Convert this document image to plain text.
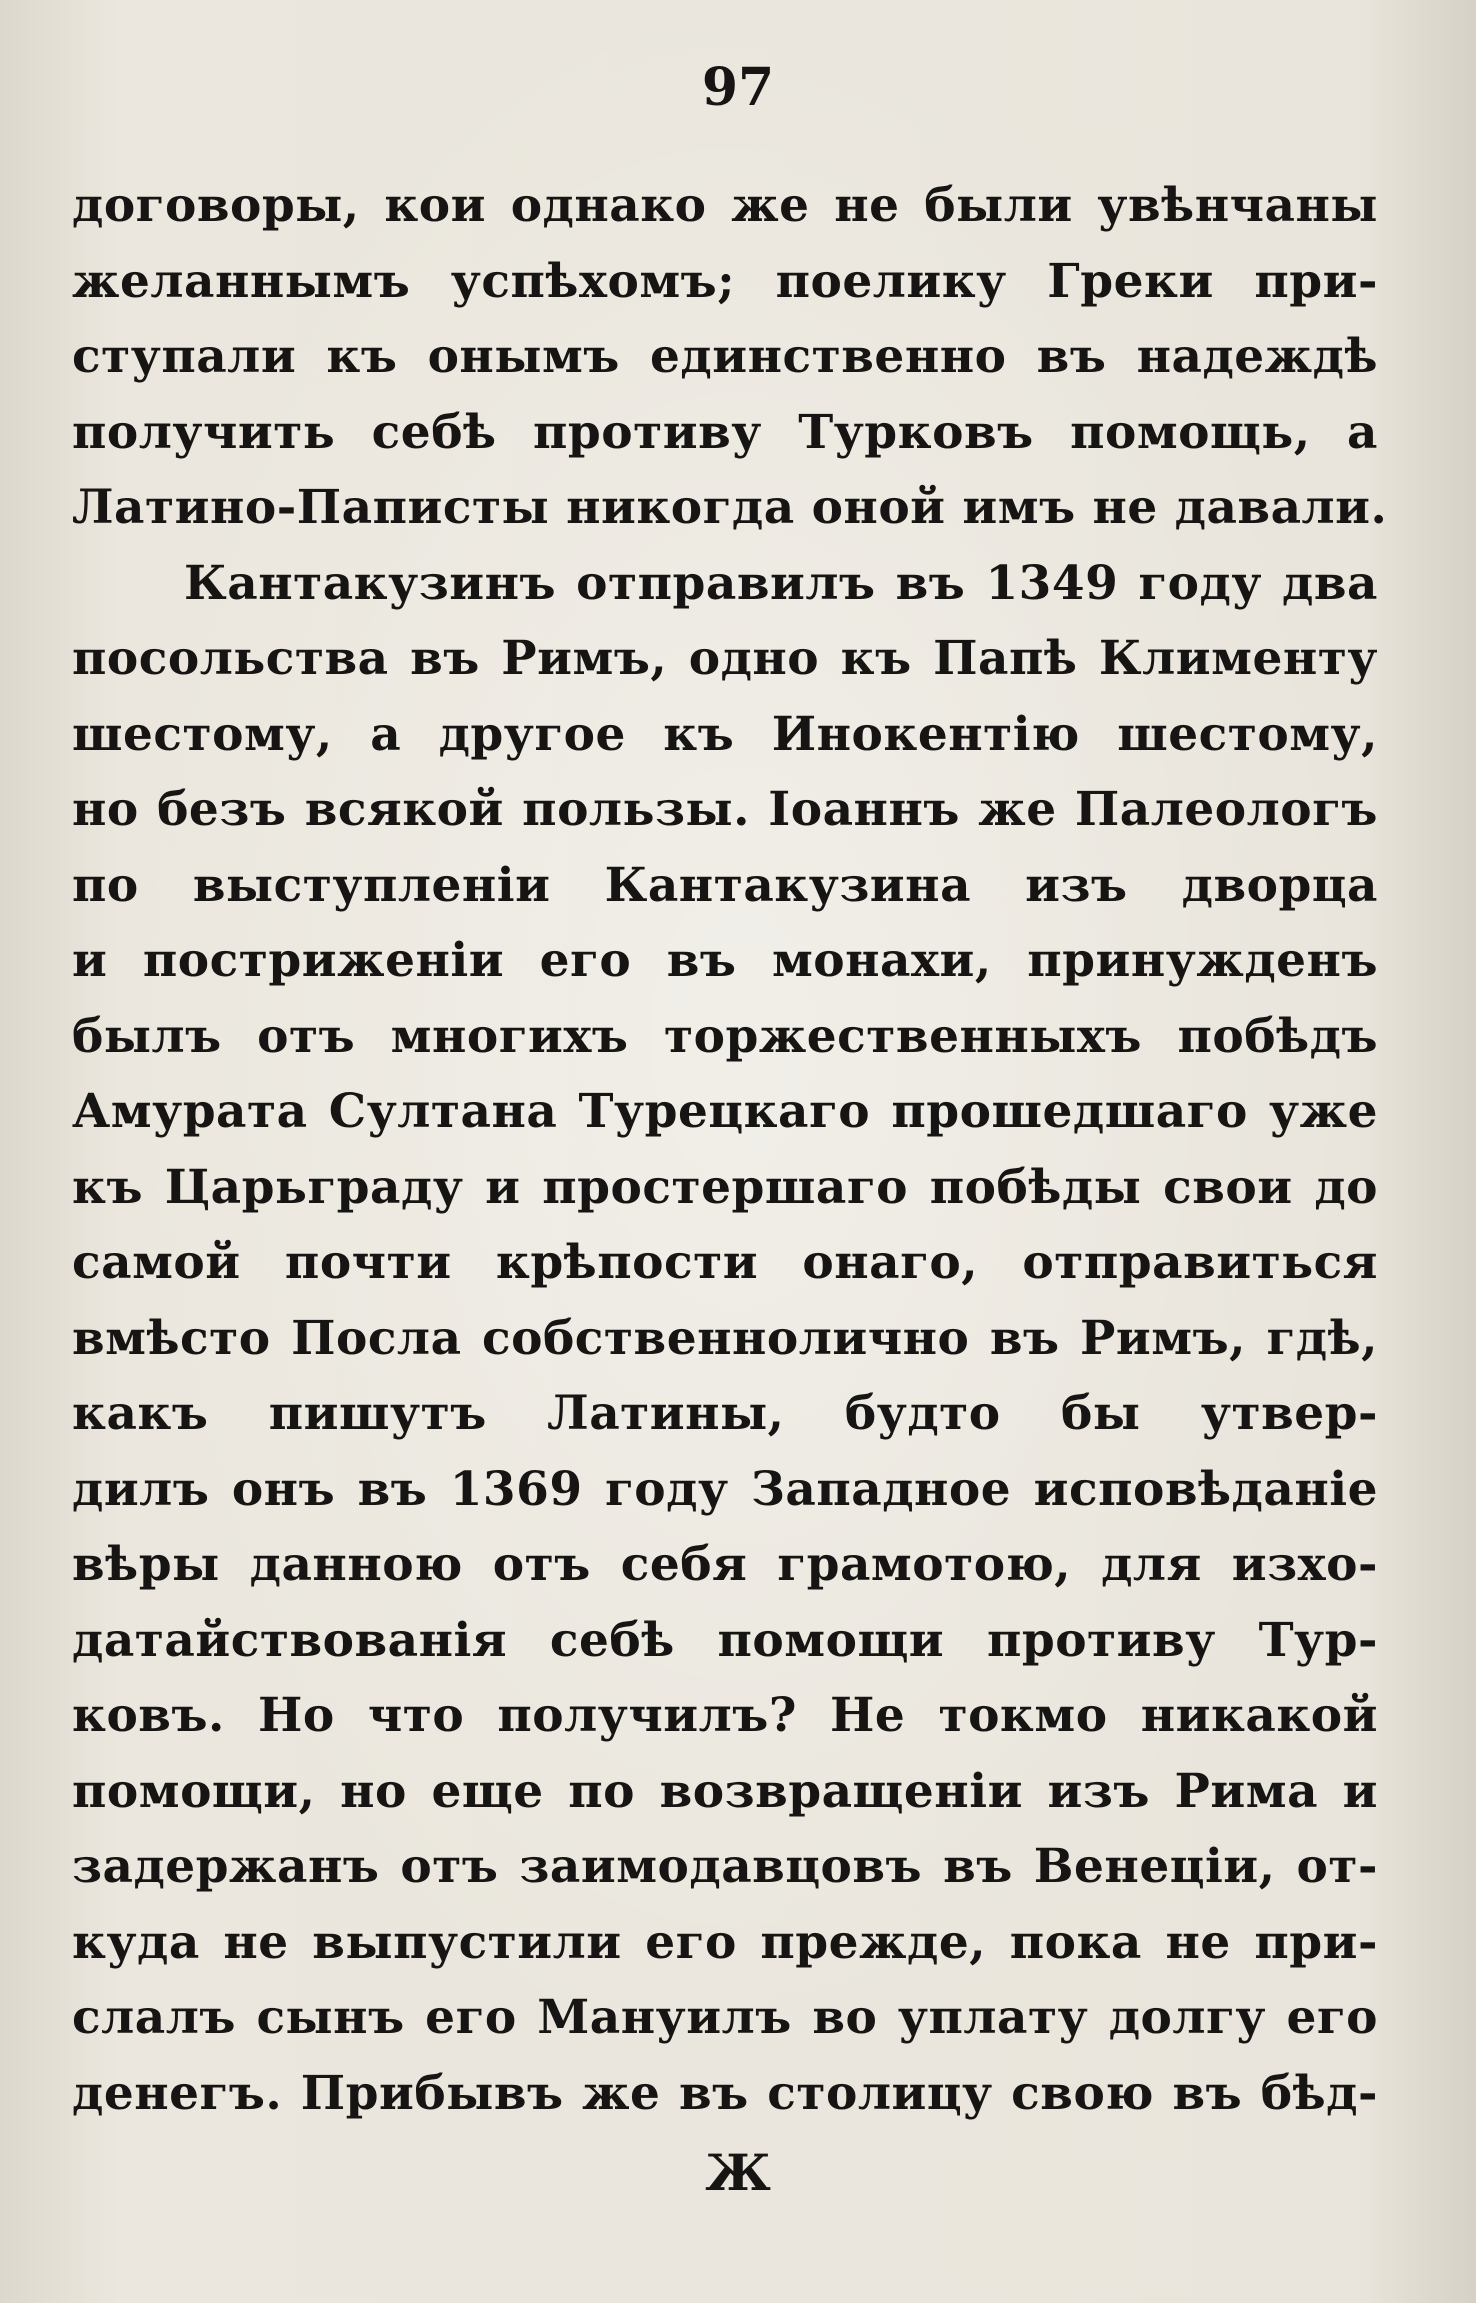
97
договоры, кои однако же не были увѣнчаны
желаннымъ успѣхомъ; поелику Греки при-
ступали къ онымъ единственно въ надеждѣ
получить себѣ противу Турковъ помощь, а
Латино-Паписты никогда оной имъ не давали.
Кантакузинъ отправилъ въ 1349 году два
посольства въ Римъ, одно къ Папѣ Клименту
шестому, а другое къ Инокентію шестому,
но безъ всякой пользы. Іоаннъ же Палеологъ
по выступленіи Кантакузина изъ дворца
и постриженіи его въ монахи, принужденъ
былъ отъ многихъ торжественныхъ побѣдъ
Амурата Султана Турецкаго прошедшаго уже
къ Царьграду и простершаго побѣды свои до
самой почти крѣпости онаго, отправиться
вмѣсто Посла собственнолично въ Римъ, гдѣ,
какъ пишутъ Латины, будто бы утвер-
дилъ онъ въ 1369 году Западное исповѣданіе
вѣры данною отъ себя грамотою, для изхо-
датайствованія себѣ помощи противу Тур-
ковъ. Но что получилъ? Не токмо никакой
помощи, но еще по возвращеніи изъ Рима и
задержанъ отъ заимодавцовъ въ Венеціи, от-
куда не выпустили его прежде, пока не при-
слалъ сынъ его Мануилъ во уплату долгу его
денегъ. Прибывъ же въ столицу свою въ бѣд-
Ж
